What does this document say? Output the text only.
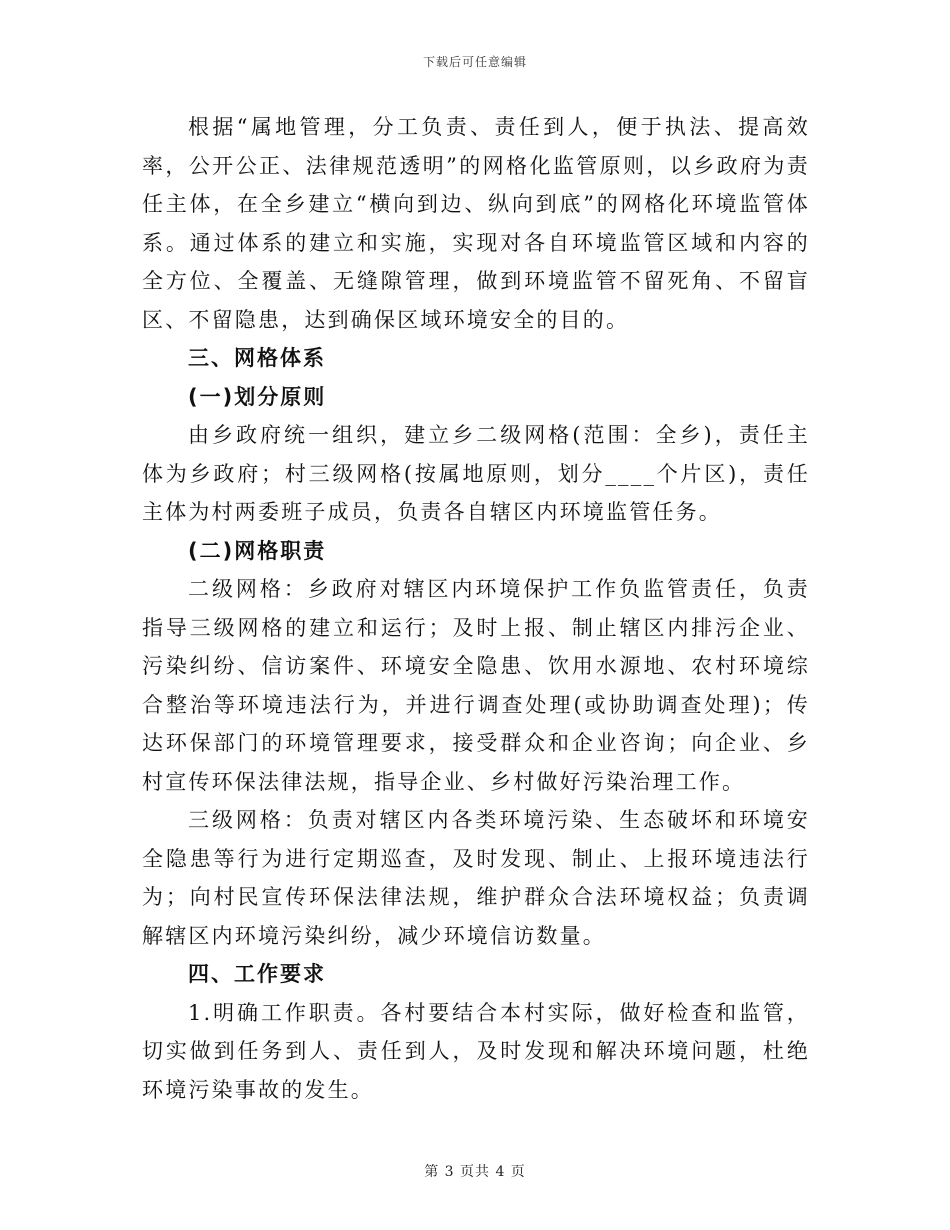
下载后可任意编辑

根据“属地管理，分工负责、责任到人，便于执法、提高效率，公开公正、法律规范透明”的网格化监管原则，以乡政府为责任主体，在全乡建立“横向到边、纵向到底”的网格化环境监管体系。通过体系的建立和实施，实现对各自环境监管区域和内容的全方位、全覆盖、无缝隙管理，做到环境监管不留死角、不留盲区、不留隐患，达到确保区域环境安全的目的。

三、网格体系

(一)划分原则

由乡政府统一组织，建立乡二级网格(范围：全乡)，责任主体为乡政府；村三级网格(按属地原则，划分____个片区)，责任主体为村两委班子成员，负责各自辖区内环境监管任务。

(二)网格职责

二级网格：乡政府对辖区内环境保护工作负监管责任，负责指导三级网格的建立和运行；及时上报、制止辖区内排污企业、污染纠纷、信访案件、环境安全隐患、饮用水源地、农村环境综合整治等环境违法行为，并进行调查处理(或协助调查处理)；传达环保部门的环境管理要求，接受群众和企业咨询；向企业、乡村宣传环保法律法规，指导企业、乡村做好污染治理工作。

三级网格：负责对辖区内各类环境污染、生态破坏和环境安全隐患等行为进行定期巡查，及时发现、制止、上报环境违法行为；向村民宣传环保法律法规，维护群众合法环境权益；负责调解辖区内环境污染纠纷，减少环境信访数量。

四、工作要求

1.明确工作职责。各村要结合本村实际，做好检查和监管，切实做到任务到人、责任到人，及时发现和解决环境问题，杜绝环境污染事故的发生。

第 3 页共 4 页
